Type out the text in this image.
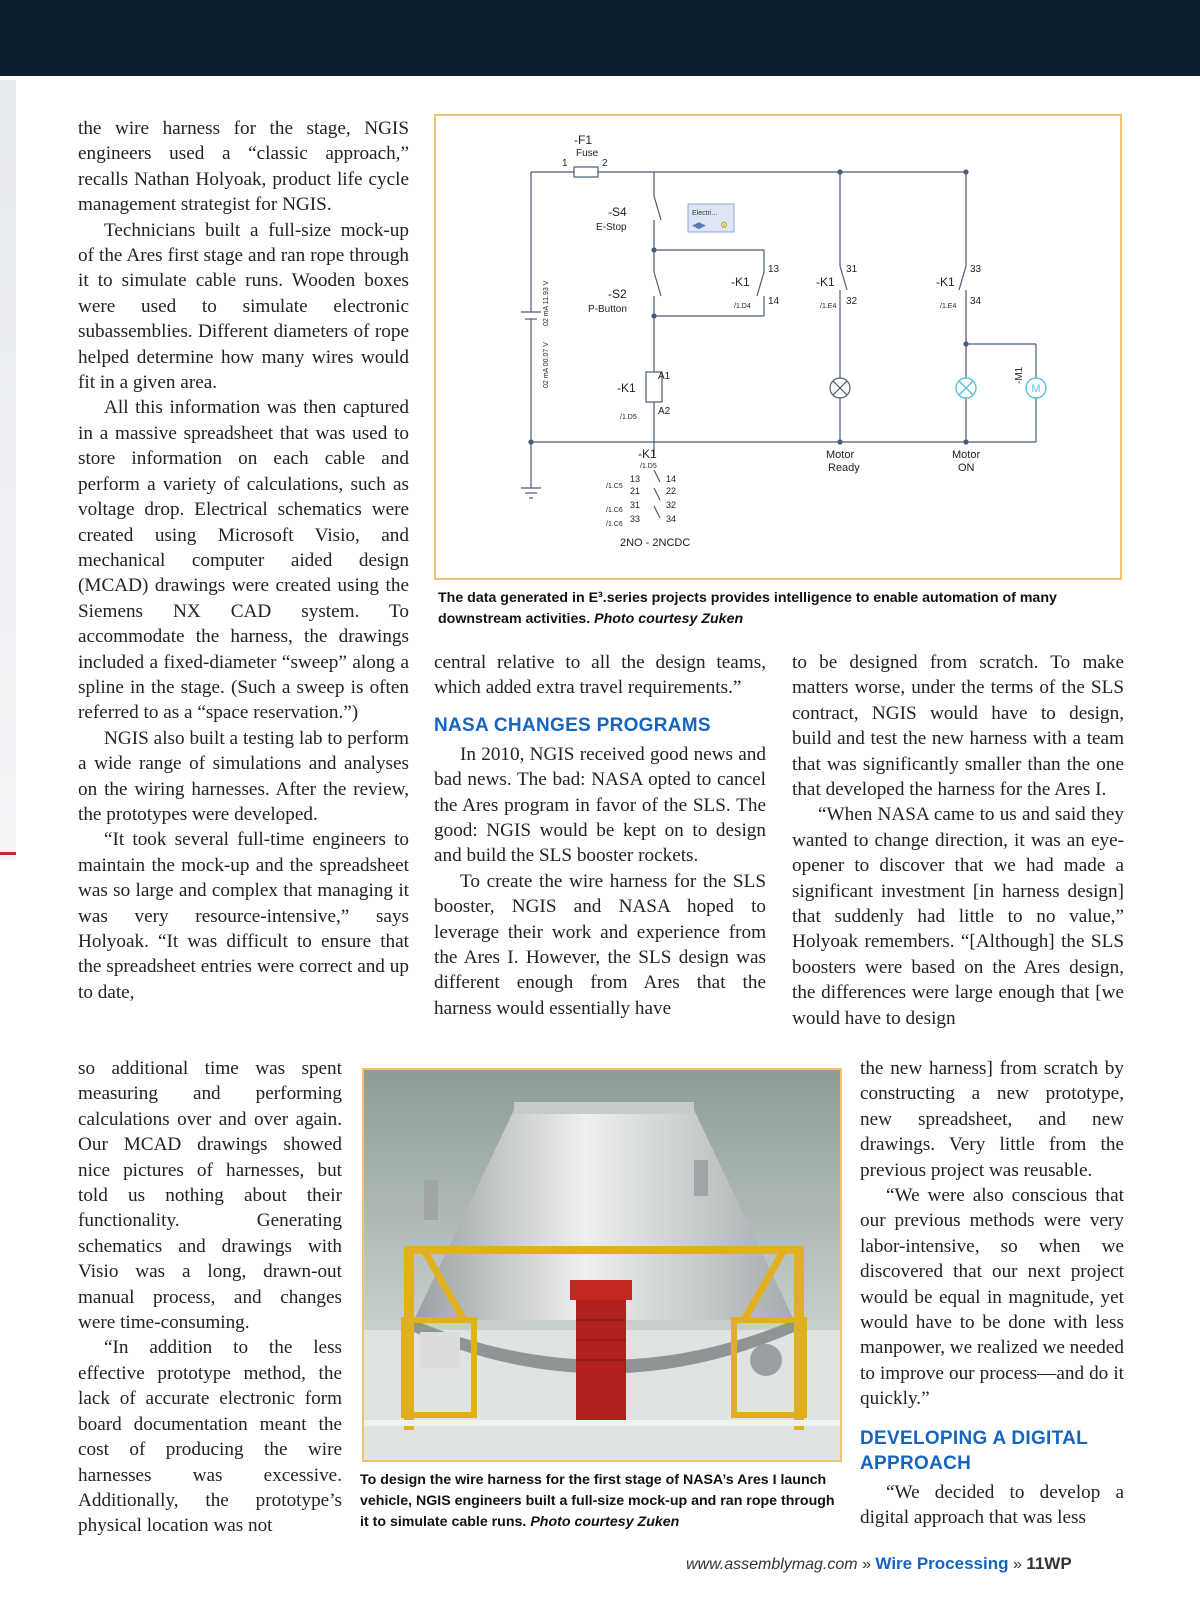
the wire harness for the stage, NGIS engineers used a “classic approach,” recalls Nathan Holyoak, product life cycle management strategist for NGIS.

Technicians built a full-size mock-up of the Ares first stage and ran rope through it to simulate cable runs. Wooden boxes were used to simulate electronic subassemblies. Different diameters of rope helped determine how many wires would fit in a given area.

All this information was then captured in a massive spreadsheet that was used to store information on each cable and perform a variety of calculations, such as voltage drop. Electrical schematics were created using Microsoft Visio, and mechanical computer aided design (MCAD) drawings were created using the Siemens NX CAD system. To accommodate the harness, the drawings included a fixed-diameter “sweep” along a spline in the stage. (Such a sweep is often referred to as a “space reservation.”)

NGIS also built a testing lab to perform a wide range of simulations and analyses on the wiring harnesses. After the review, the prototypes were developed.

“It took several full-time engineers to maintain the mock-up and the spreadsheet was so large and complex that managing it was very resource-intensive,” says Holyoak. “It was difficult to ensure that the spreadsheet entries were correct and up to date,

so additional time was spent measuring and performing calculations over and over again. Our MCAD drawings showed nice pictures of harnesses, but told us nothing about their functionality. Generating schematics and drawings with Visio was a long, drawn-out manual process, and changes were time-consuming.

“In addition to the less effective prototype method, the lack of accurate electronic form board documentation meant the cost of producing the wire harnesses was excessive. Additionally, the prototype’s physical location was not

M
Electri...
⚙
◀▶
-F1
Fuse
1	2
-S4
E-Stop
-S2
P-Button
-K1
/1.D5
A1
A2
-K1
/1.D4
13
14
-K1
/1.E4
31
32
-K1
/1.E4
33
34
-K1
/1.D5
/1.C5
/1.C6
/1.C6
13	14
21	22
31	32
33	34
2NO - 2NCDC
Motor
Ready
Motor
ON
-M1
02 mA 11.93 V
02 mA 00.07 V
The data generated in E³.series projects provides intelligence to enable automation of many downstream activities. Photo courtesy Zuken

central relative to all the design teams, which added extra travel requirements.”

NASA CHANGES PROGRAMS

In 2010, NGIS received good news and bad news. The bad: NASA opted to cancel the Ares program in favor of the SLS. The good: NGIS would be kept on to design and build the SLS booster rockets.

To create the wire harness for the SLS booster, NGIS and NASA hoped to leverage their work and experience from the Ares I. However, the SLS design was different enough from Ares that the harness would essentially have

to be designed from scratch. To make matters worse, under the terms of the SLS contract, NGIS would have to design, build and test the new harness with a team that was significantly smaller than the one that developed the harness for the Ares I.

“When NASA came to us and said they wanted to change direction, it was an eye-opener to discover that we had made a significant investment [in harness design] that suddenly had little to no value,” Holyoak remembers. “[Although] the SLS boosters were based on the Ares design, the differences were large enough that [we would have to design

the new harness] from scratch by constructing a new prototype, new spreadsheet, and new drawings. Very little from the previous project was reusable.

“We were also conscious that our previous methods were very labor-intensive, so when we discovered that our next project would be equal in magnitude, yet would have to be done with less manpower, we realized we needed to improve our process—and do it quickly.”

DEVELOPING A DIGITAL APPROACH

“We decided to develop a digital approach that was less

To design the wire harness for the first stage of NASA’s Ares I launch vehicle, NGIS engineers built a full-size mock-up and ran rope through it to simulate cable runs. Photo courtesy Zuken
www.assemblymag.com » Wire Processing » 11WP
